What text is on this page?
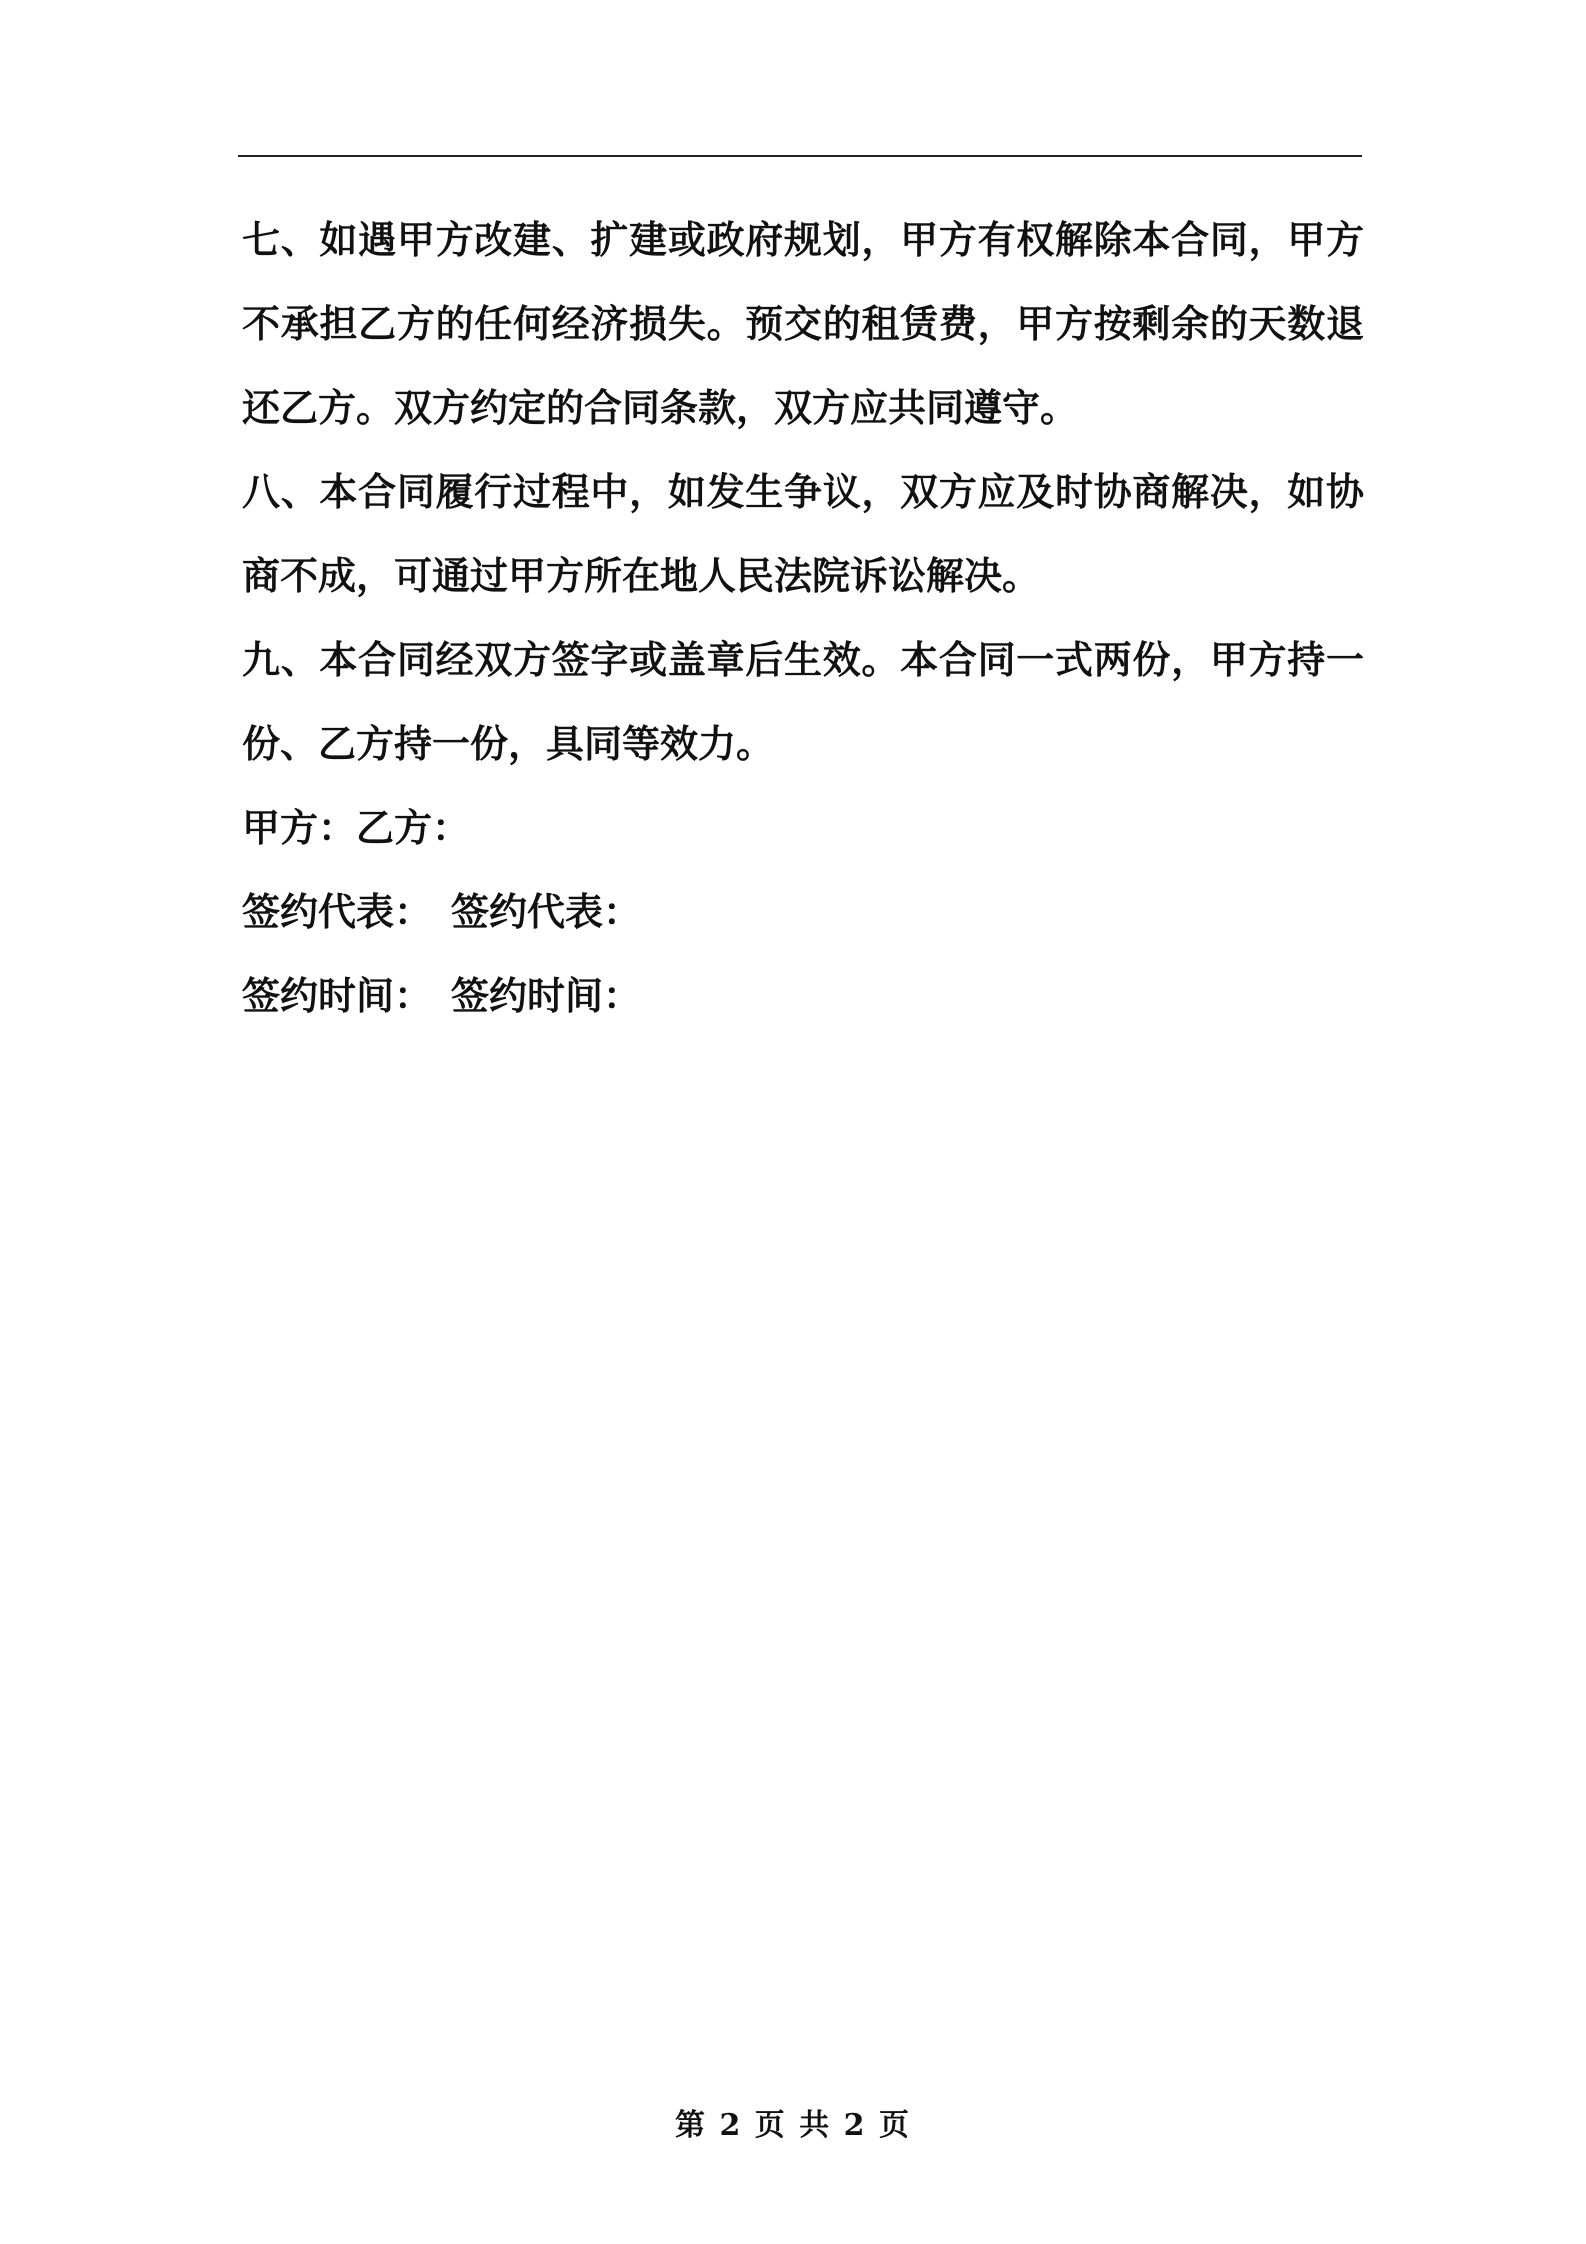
七、如遇甲方改建、扩建或政府规划，甲方有权解除本合同，甲方不承担乙方的任何经济损失。预交的租赁费，甲方按剩余的天数退还乙方。双方约定的合同条款，双方应共同遵守。

八、本合同履行过程中，如发生争议，双方应及时协商解决，如协商不成，可通过甲方所在地人民法院诉讼解决。

九、本合同经双方签字或盖章后生效。本合同一式两份，甲方持一份、乙方持一份，具同等效力。

甲方：乙方：

签约代表：　签约代表：

签约时间：　签约时间：

第 2 页 共 2 页
